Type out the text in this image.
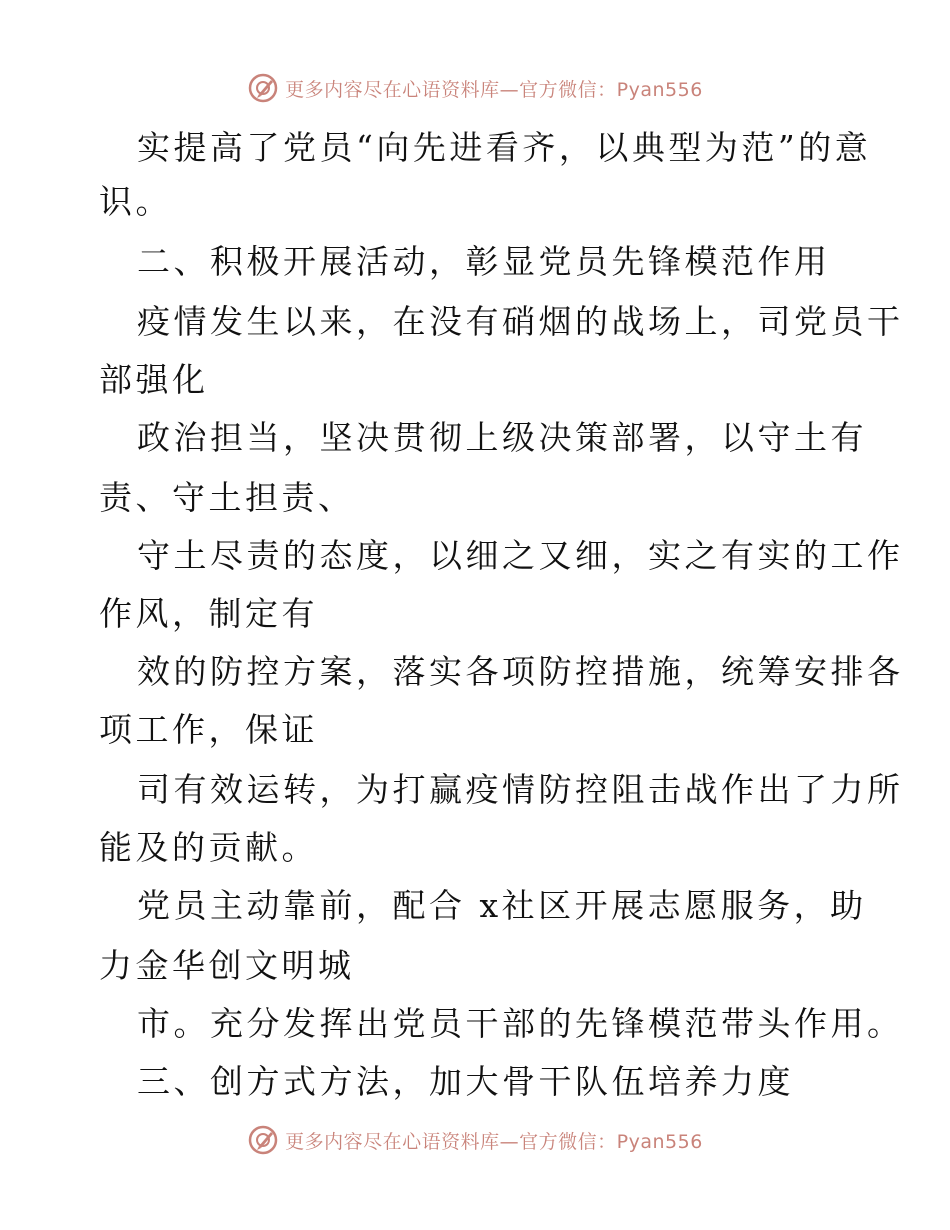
更多内容尽在心语资料库—官方微信：Pyan556
实提高了党员“向先进看齐，以典型为范”的意
识。
二、积极开展活动，彰显党员先锋模范作用
疫情发生以来，在没有硝烟的战场上，司党员干
部强化
政治担当，坚决贯彻上级决策部署，以守土有
责、守土担责、
守土尽责的态度，以细之又细，实之有实的工作
作风，制定有
效的防控方案，落实各项防控措施，统筹安排各
项工作，保证
司有效运转，为打赢疫情防控阻击战作出了力所
能及的贡献。
党员主动靠前，配合 x社区开展志愿服务，助
力金华创文明城
市。充分发挥出党员干部的先锋模范带头作用。
三、创方式方法，加大骨干队伍培养力度
更多内容尽在心语资料库—官方微信：Pyan556
